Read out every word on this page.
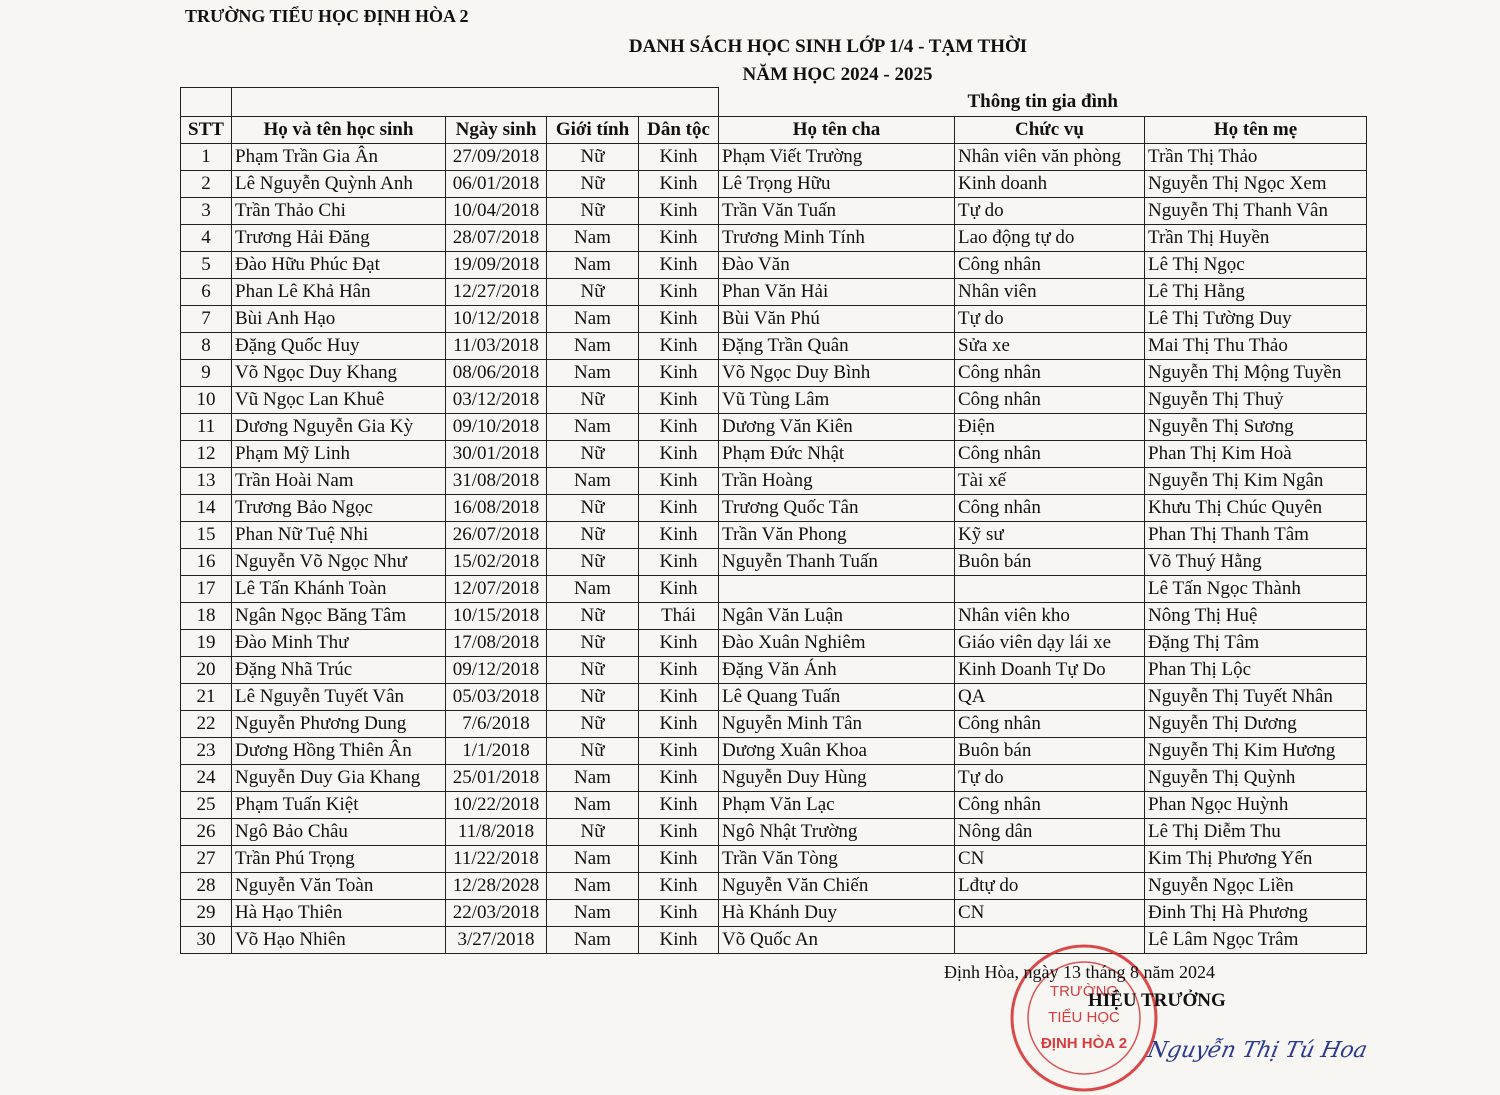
TRƯỜNG TIỂU HỌC ĐỊNH HÒA 2
DANH SÁCH HỌC SINH LỚP 1/4 - TẠM THỜI
NĂM HỌC 2024 - 2025
					Thông tin gia đình		
STT	Họ và tên học sinh	Ngày sinh	Giới tính	Dân tộc	Họ tên cha	Chức vụ	Họ tên mẹ
1	Phạm Trần Gia Ân	27/09/2018	Nữ	Kinh	Phạm Viết Trường	Nhân viên văn phòng	Trần Thị Thảo
2	Lê Nguyễn Quỳnh Anh	06/01/2018	Nữ	Kinh	Lê Trọng Hữu	Kinh doanh	Nguyễn Thị Ngọc Xem
3	Trần Thảo Chi	10/04/2018	Nữ	Kinh	Trần Văn Tuấn	Tự do	Nguyễn Thị Thanh Vân
4	Trương Hải Đăng	28/07/2018	Nam	Kinh	Trương Minh Tính	Lao động tự do	Trần Thị Huyền
5	Đào Hữu Phúc Đạt	19/09/2018	Nam	Kinh	Đào Văn	Công nhân	Lê Thị Ngọc
6	Phan Lê Khả Hân	12/27/2018	Nữ	Kinh	Phan Văn Hải	Nhân viên	Lê Thị Hằng
7	Bùi Anh Hạo	10/12/2018	Nam	Kinh	Bùi Văn Phú	Tự do	Lê Thị Tường Duy
8	Đặng Quốc Huy	11/03/2018	Nam	Kinh	Đặng Trần Quân	Sửa xe	Mai Thị Thu Thảo
9	Võ Ngọc Duy Khang	08/06/2018	Nam	Kinh	Võ Ngọc Duy Bình	Công nhân	Nguyễn Thị Mộng Tuyền
10	Vũ Ngọc Lan Khuê	03/12/2018	Nữ	Kinh	Vũ Tùng Lâm	Công nhân	Nguyễn Thị Thuỷ
11	Dương Nguyễn Gia Kỳ	09/10/2018	Nam	Kinh	Dương Văn Kiên	Điện	Nguyễn Thị Sương
12	Phạm Mỹ Linh	30/01/2018	Nữ	Kinh	Phạm Đức Nhật	Công nhân	Phan Thị Kim Hoà
13	Trần Hoài Nam	31/08/2018	Nam	Kinh	Trần Hoàng	Tài xế	Nguyễn Thị Kim Ngân
14	Trương Bảo Ngọc	16/08/2018	Nữ	Kinh	Trương Quốc Tân	Công nhân	Khưu Thị Chúc Quyên
15	Phan Nữ Tuệ Nhi	26/07/2018	Nữ	Kinh	Trần Văn Phong	Kỹ sư	Phan Thị Thanh Tâm
16	Nguyễn Võ Ngọc Như	15/02/2018	Nữ	Kinh	Nguyễn Thanh Tuấn	Buôn bán	Võ Thuý Hằng
17	Lê Tấn Khánh Toàn	12/07/2018	Nam	Kinh			Lê Tấn Ngọc Thành
18	Ngân Ngọc Băng Tâm	10/15/2018	Nữ	Thái	Ngân Văn Luận	Nhân viên kho	Nông Thị Huệ
19	Đào Minh Thư	17/08/2018	Nữ	Kinh	Đào Xuân Nghiêm	Giáo viên dạy lái xe	Đặng Thị Tâm
20	Đặng Nhã Trúc	09/12/2018	Nữ	Kinh	Đặng Văn Ánh	Kinh Doanh Tự Do	Phan Thị Lộc
21	Lê Nguyễn Tuyết Vân	05/03/2018	Nữ	Kinh	Lê Quang Tuấn	QA	Nguyễn Thị Tuyết Nhân
22	Nguyễn Phương Dung	7/6/2018	Nữ	Kinh	Nguyễn Minh Tân	Công nhân	Nguyễn Thị Dương
23	Dương Hồng Thiên Ân	1/1/2018	Nữ	Kinh	Dương Xuân Khoa	Buôn bán	Nguyễn Thị Kim Hương
24	Nguyễn Duy Gia Khang	25/01/2018	Nam	Kinh	Nguyễn Duy Hùng	Tự do	Nguyễn Thị Quỳnh
25	Phạm Tuấn Kiệt	10/22/2018	Nam	Kinh	Phạm Văn Lạc	Công nhân	Phan Ngọc Huỳnh
26	Ngô Bảo Châu	11/8/2018	Nữ	Kinh	Ngô Nhật Trường	Nông dân	Lê Thị Diễm Thu
27	Trần Phú Trọng	11/22/2018	Nam	Kinh	Trần Văn Tòng	CN	Kim Thị Phương Yến
28	Nguyễn Văn Toàn	12/28/2028	Nam	Kinh	Nguyễn Văn Chiến	Lđtự do	Nguyễn Ngọc Liền
29	Hà Hạo Thiên	22/03/2018	Nam	Kinh	Hà Khánh Duy	CN	Đinh Thị Hà Phương
30	Võ Hạo Nhiên	3/27/2018	Nam	Kinh	Võ Quốc An		Lê Lâm Ngọc Trâm
TRƯỜNG
TIỂU HỌC
ĐỊNH HÒA 2
Định Hòa, ngày 13 tháng 8 năm 2024
HIỆU TRƯỞNG
Nguyễn Thị Tú Hoa
